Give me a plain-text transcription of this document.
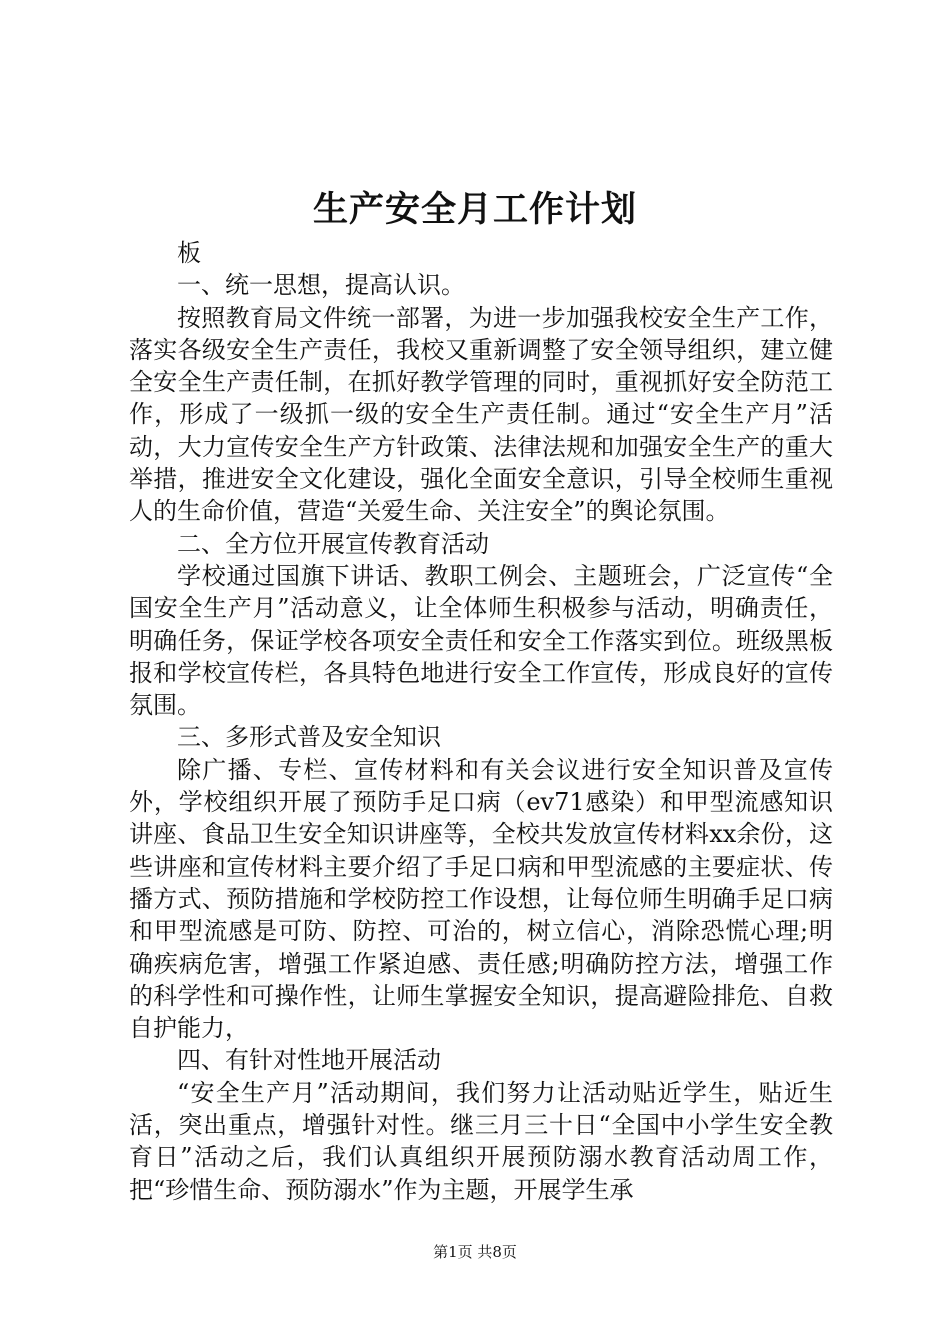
生产安全月工作计划

板

一、统一思想，提高认识。

按照教育局文件统一部署，为进一步加强我校安全生产工作，落实各级安全生产责任，我校又重新调整了安全领导组织，建立健全安全生产责任制，在抓好教学管理的同时，重视抓好安全防范工作，形成了一级抓一级的安全生产责任制。通过“安全生产月”活动，大力宣传安全生产方针政策、法律法规和加强安全生产的重大举措，推进安全文化建设，强化全面安全意识，引导全校师生重视人的生命价值，营造“关爱生命、关注安全”的舆论氛围。

二、全方位开展宣传教育活动

学校通过国旗下讲话、教职工例会、主题班会，广泛宣传“全国安全生产月”活动意义，让全体师生积极参与活动，明确责任，明确任务，保证学校各项安全责任和安全工作落实到位。班级黑板报和学校宣传栏，各具特色地进行安全工作宣传，形成良好的宣传氛围。

三、多形式普及安全知识

除广播、专栏、宣传材料和有关会议进行安全知识普及宣传外，学校组织开展了预防手足口病（ev71感染）和甲型流感知识讲座、食品卫生安全知识讲座等，全校共发放宣传材料xx余份，这些讲座和宣传材料主要介绍了手足口病和甲型流感的主要症状、传播方式、预防措施和学校防控工作设想，让每位师生明确手足口病和甲型流感是可防、防控、可治的，树立信心，消除恐慌心理;明确疾病危害，增强工作紧迫感、责任感;明确防控方法，增强工作的科学性和可操作性，让师生掌握安全知识，提高避险排危、自救自护能力，

四、有针对性地开展活动

“安全生产月”活动期间，我们努力让活动贴近学生，贴近生活，突出重点，增强针对性。继三月三十日“全国中小学生安全教育日”活动之后，我们认真组织开展预防溺水教育活动周工作，把“珍惜生命、预防溺水”作为主题，开展学生承

第1页 共8页
